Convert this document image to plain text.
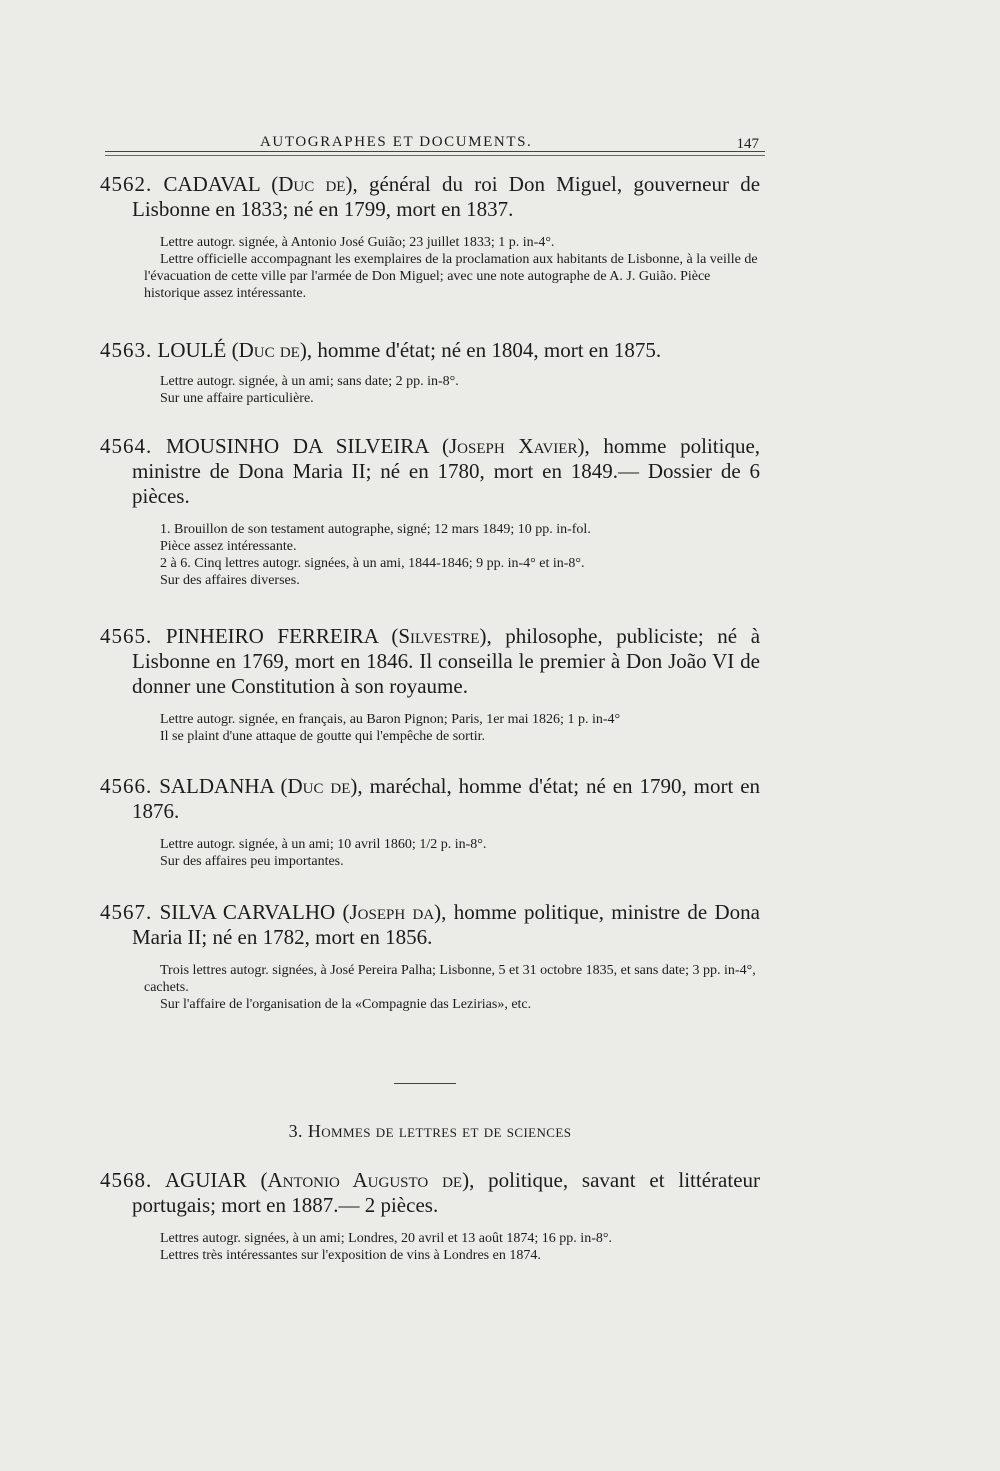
AUTOGRAPHES ET DOCUMENTS.	147
4562. CADAVAL (Duc de), général du roi Don Miguel, gouverneur de Lisbonne en 1833; né en 1799, mort en 1837.
Lettre autogr. signée, à Antonio José Guião; 23 juillet 1833; 1 p. in-4°.
Lettre officielle accompagnant les exemplaires de la proclamation aux habitants de Lisbonne, à la veille de l'évacuation de cette ville par l'armée de Don Miguel; avec une note autographe de A. J. Guião. Pièce historique assez intéressante.
4563. LOULÉ (Duc de), homme d'état; né en 1804, mort en 1875.
Lettre autogr. signée, à un ami; sans date; 2 pp. in-8°.
Sur une affaire particulière.
4564. MOUSINHO DA SILVEIRA (Joseph Xavier), homme politique, ministre de Dona Maria II; né en 1780, mort en 1849.— Dossier de 6 pièces.
1. Brouillon de son testament autographe, signé; 12 mars 1849; 10 pp. in-fol.
Pièce assez intéressante.
2 à 6. Cinq lettres autogr. signées, à un ami, 1844-1846; 9 pp. in-4° et in-8°.
Sur des affaires diverses.
4565. PINHEIRO FERREIRA (Silvestre), philosophe, publiciste; né à Lisbonne en 1769, mort en 1846. Il conseilla le premier à Don João VI de donner une Constitution à son royaume.
Lettre autogr. signée, en français, au Baron Pignon; Paris, 1er mai 1826; 1 p. in-4°
Il se plaint d'une attaque de goutte qui l'empêche de sortir.
4566. SALDANHA (Duc de), maréchal, homme d'état; né en 1790, mort en 1876.
Lettre autogr. signée, à un ami; 10 avril 1860; 1/2 p. in-8°.
Sur des affaires peu importantes.
4567. SILVA CARVALHO (Joseph da), homme politique, ministre de Dona Maria II; né en 1782, mort en 1856.
Trois lettres autogr. signées, à José Pereira Palha; Lisbonne, 5 et 31 octobre 1835, et sans date; 3 pp. in-4°, cachets.
Sur l'affaire de l'organisation de la «Compagnie das Lezirias», etc.
3. Hommes de lettres et de sciences
4568. AGUIAR (Antonio Augusto de), politique, savant et littérateur portugais; mort en 1887.— 2 pièces.
Lettres autogr. signées, à un ami; Londres, 20 avril et 13 août 1874; 16 pp. in-8°.
Lettres très intéressantes sur l'exposition de vins à Londres en 1874.
